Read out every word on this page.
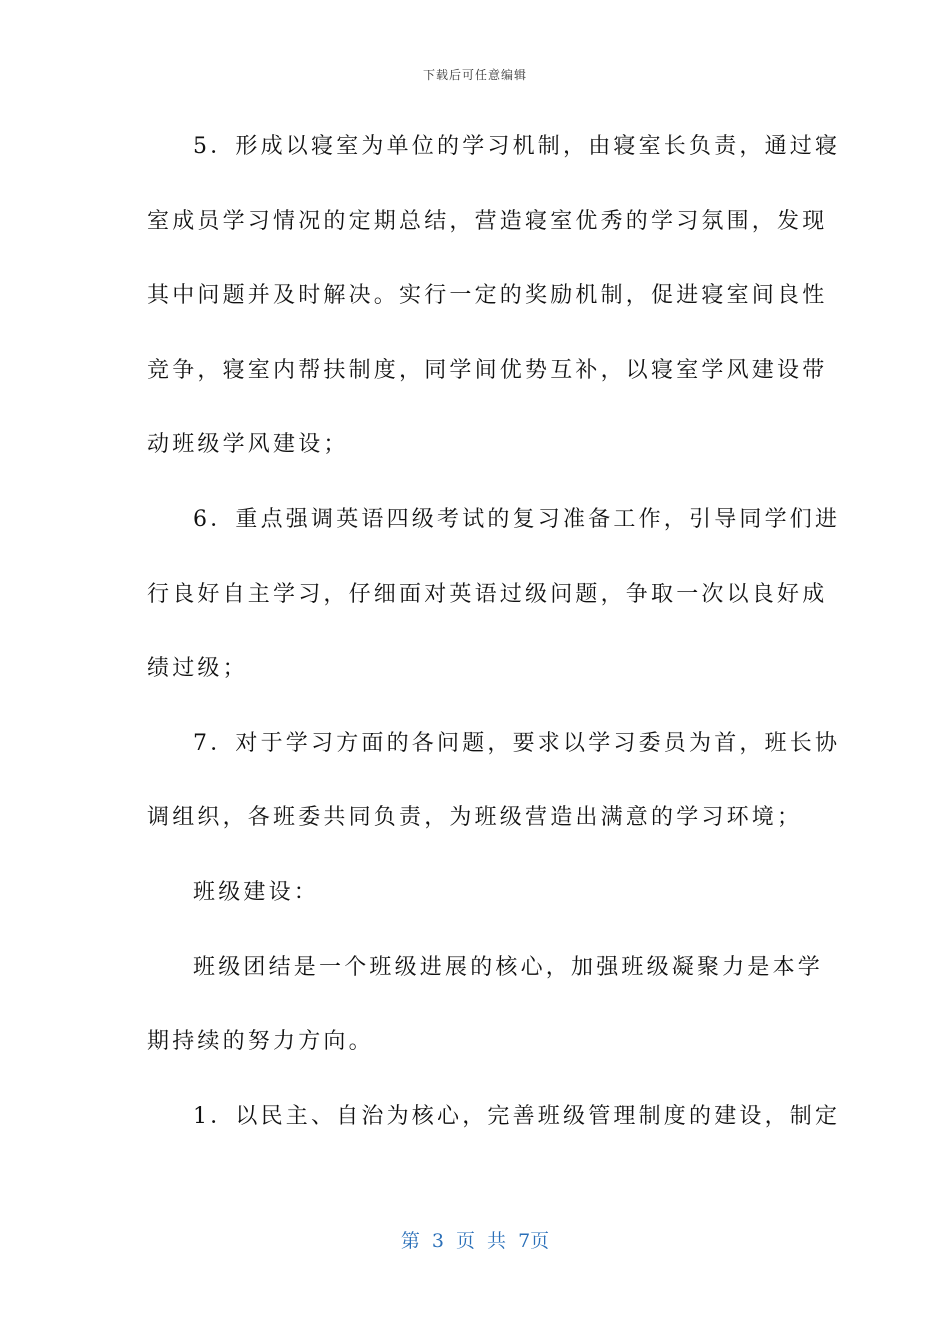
下载后可任意编辑
5．形成以寝室为单位的学习机制，由寝室长负责，通过寝
室成员学习情况的定期总结，营造寝室优秀的学习氛围，发现
其中问题并及时解决。实行一定的奖励机制，促进寝室间良性
竞争，寝室内帮扶制度，同学间优势互补，以寝室学风建设带
动班级学风建设；
6．重点强调英语四级考试的复习准备工作，引导同学们进
行良好自主学习，仔细面对英语过级问题，争取一次以良好成
绩过级；
7．对于学习方面的各问题，要求以学习委员为首，班长协
调组织，各班委共同负责，为班级营造出满意的学习环境；
班级建设：
班级团结是一个班级进展的核心，加强班级凝聚力是本学
期持续的努力方向。
1．以民主、自治为核心，完善班级管理制度的建设，制定
第 3 页 共 7页
